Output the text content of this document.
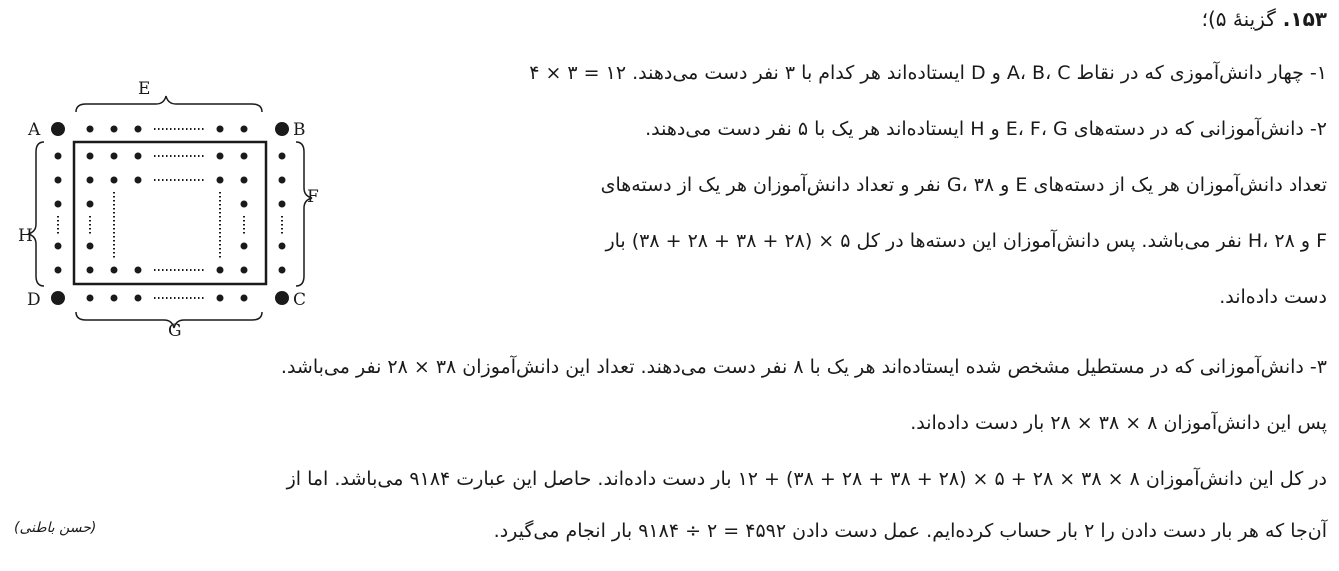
۱۵۳. گزینهٔ ۵)؛
۱- چهار دانش‌آموزی که در نقاط A، B، C و D ایستاده‌اند هر کدام با ۳ نفر دست می‌دهند. ۱۲ = ۳ × ۴
۲- دانش‌آموزانی که در دسته‌های E، F، G و H ایستاده‌اند هر یک با ۵ نفر دست می‌دهند.
تعداد دانش‌آموزان هر یک از دسته‌های E و G، ۳۸ نفر و تعداد دانش‌آموزان هر یک از دسته‌های
F و H، ۲۸ نفر می‌باشد. پس دانش‌آموزان این دسته‌ها در کل ۵ × (۲۸ + ۳۸ + ۲۸ + ۳۸) بار
دست داده‌اند.
۳- دانش‌آموزانی که در مستطیل مشخص شده ایستاده‌اند هر یک با ۸ نفر دست می‌دهند. تعداد این دانش‌آموزان ۳۸ × ۲۸ نفر می‌باشد.
پس این دانش‌آموزان ۸ × ۳۸ × ۲۸ بار دست داده‌اند.
در کل این دانش‌آموزان ۸ × ۳۸ × ۲۸ + ۵ × (۲۸ + ۳۸ + ۲۸ + ۳۸) + ۱۲ بار دست داده‌اند. حاصل این عبارت ۹۱۸۴ می‌باشد. اما از
آن‌جا که هر بار دست دادن را ۲ بار حساب کرده‌ایم. عمل دست دادن ۴۵۹۲ = ۲ ÷ ۹۱۸۴ بار انجام می‌گیرد.
(حسن باطنی)
A	B
C
D
E
F
G
H
